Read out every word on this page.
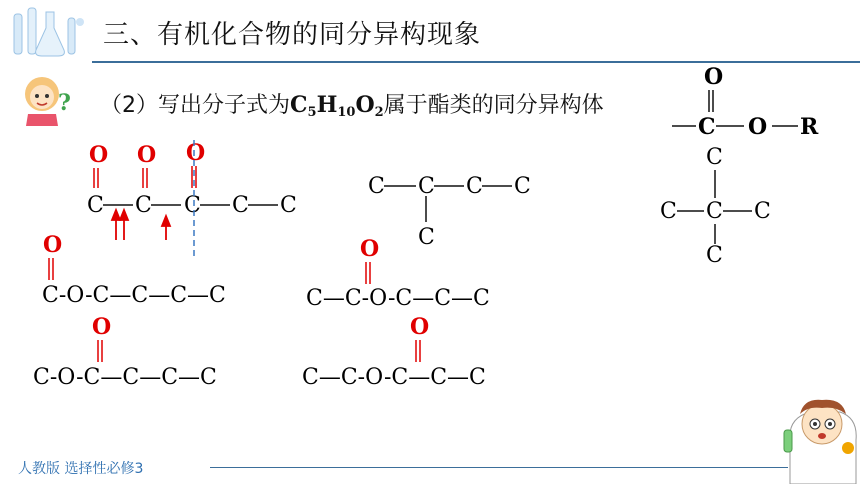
三、有机化合物的同分异构现象
? （2）写出分子式为$C_5H_{10}O_2$属于酯类的同分异构体
O O O
C C C C C
C C C C
C
O
C O R
C
C C C
C
O
C-O-C—C—C—C
O
C—C-O-C—C—C
O
C-O-C—C—C—C
O
C—C-O-C—C—C
人教版 选择性必修3
